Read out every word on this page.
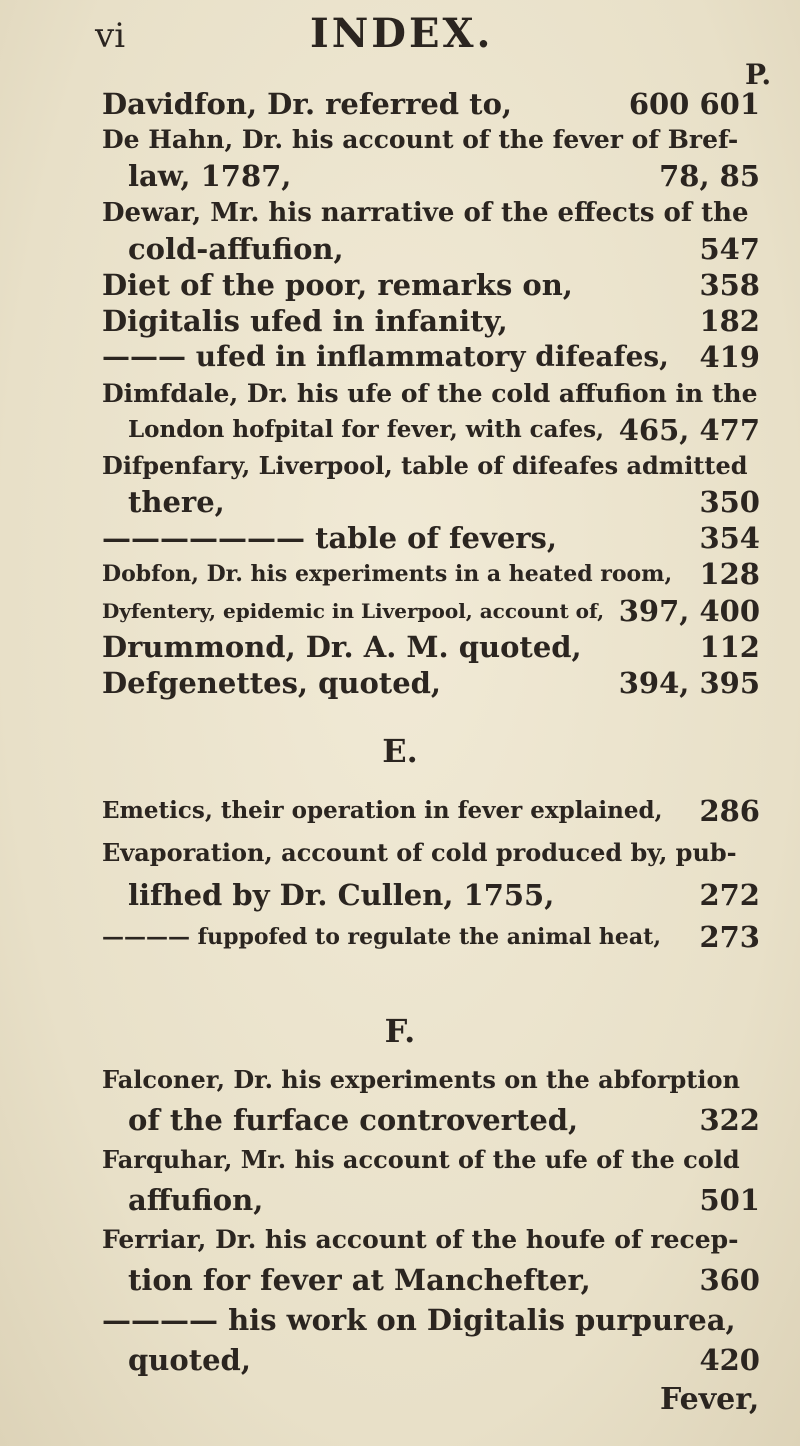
vi	INDEX.
P.
Davidfon, Dr. referred to,	600 601
De Hahn, Dr. his account of the fever of Bref-
law, 1787,	78, 85
Dewar, Mr. his narrative of the effects of the
cold-affufion,	547
Diet of the poor, remarks on,	358
Digitalis ufed in infanity,	182
——— ufed in inflammatory difeafes, 419
Dimfdale, Dr. his ufe of the cold affufion in the
London hofpital for fever, with cafes, 465, 477
Difpenfary, Liverpool, table of difeafes admitted
there,	350
——————— table of fevers,	354
Dobfon, Dr. his experiments in a heated room, 128
Dyfentery, epidemic in Liverpool, account of, 397, 400
Drummond, Dr. A. M. quoted,	112
Defgenettes, quoted,	394, 395
E.
Emetics, their operation in fever explained, 286
Evaporation, account of cold produced by, pub-
lifhed by Dr. Cullen, 1755,	272
———— fuppofed to regulate the animal heat, 273
F.
Falconer, Dr. his experiments on the abforption
of the furface controverted,	322
Farquhar, Mr. his account of the ufe of the cold
affufion,	501
Ferriar, Dr. his account of the houfe of recep-
tion for fever at Manchefter,	360
———— his work on Digitalis purpurea,
quoted,	420
Fever,
